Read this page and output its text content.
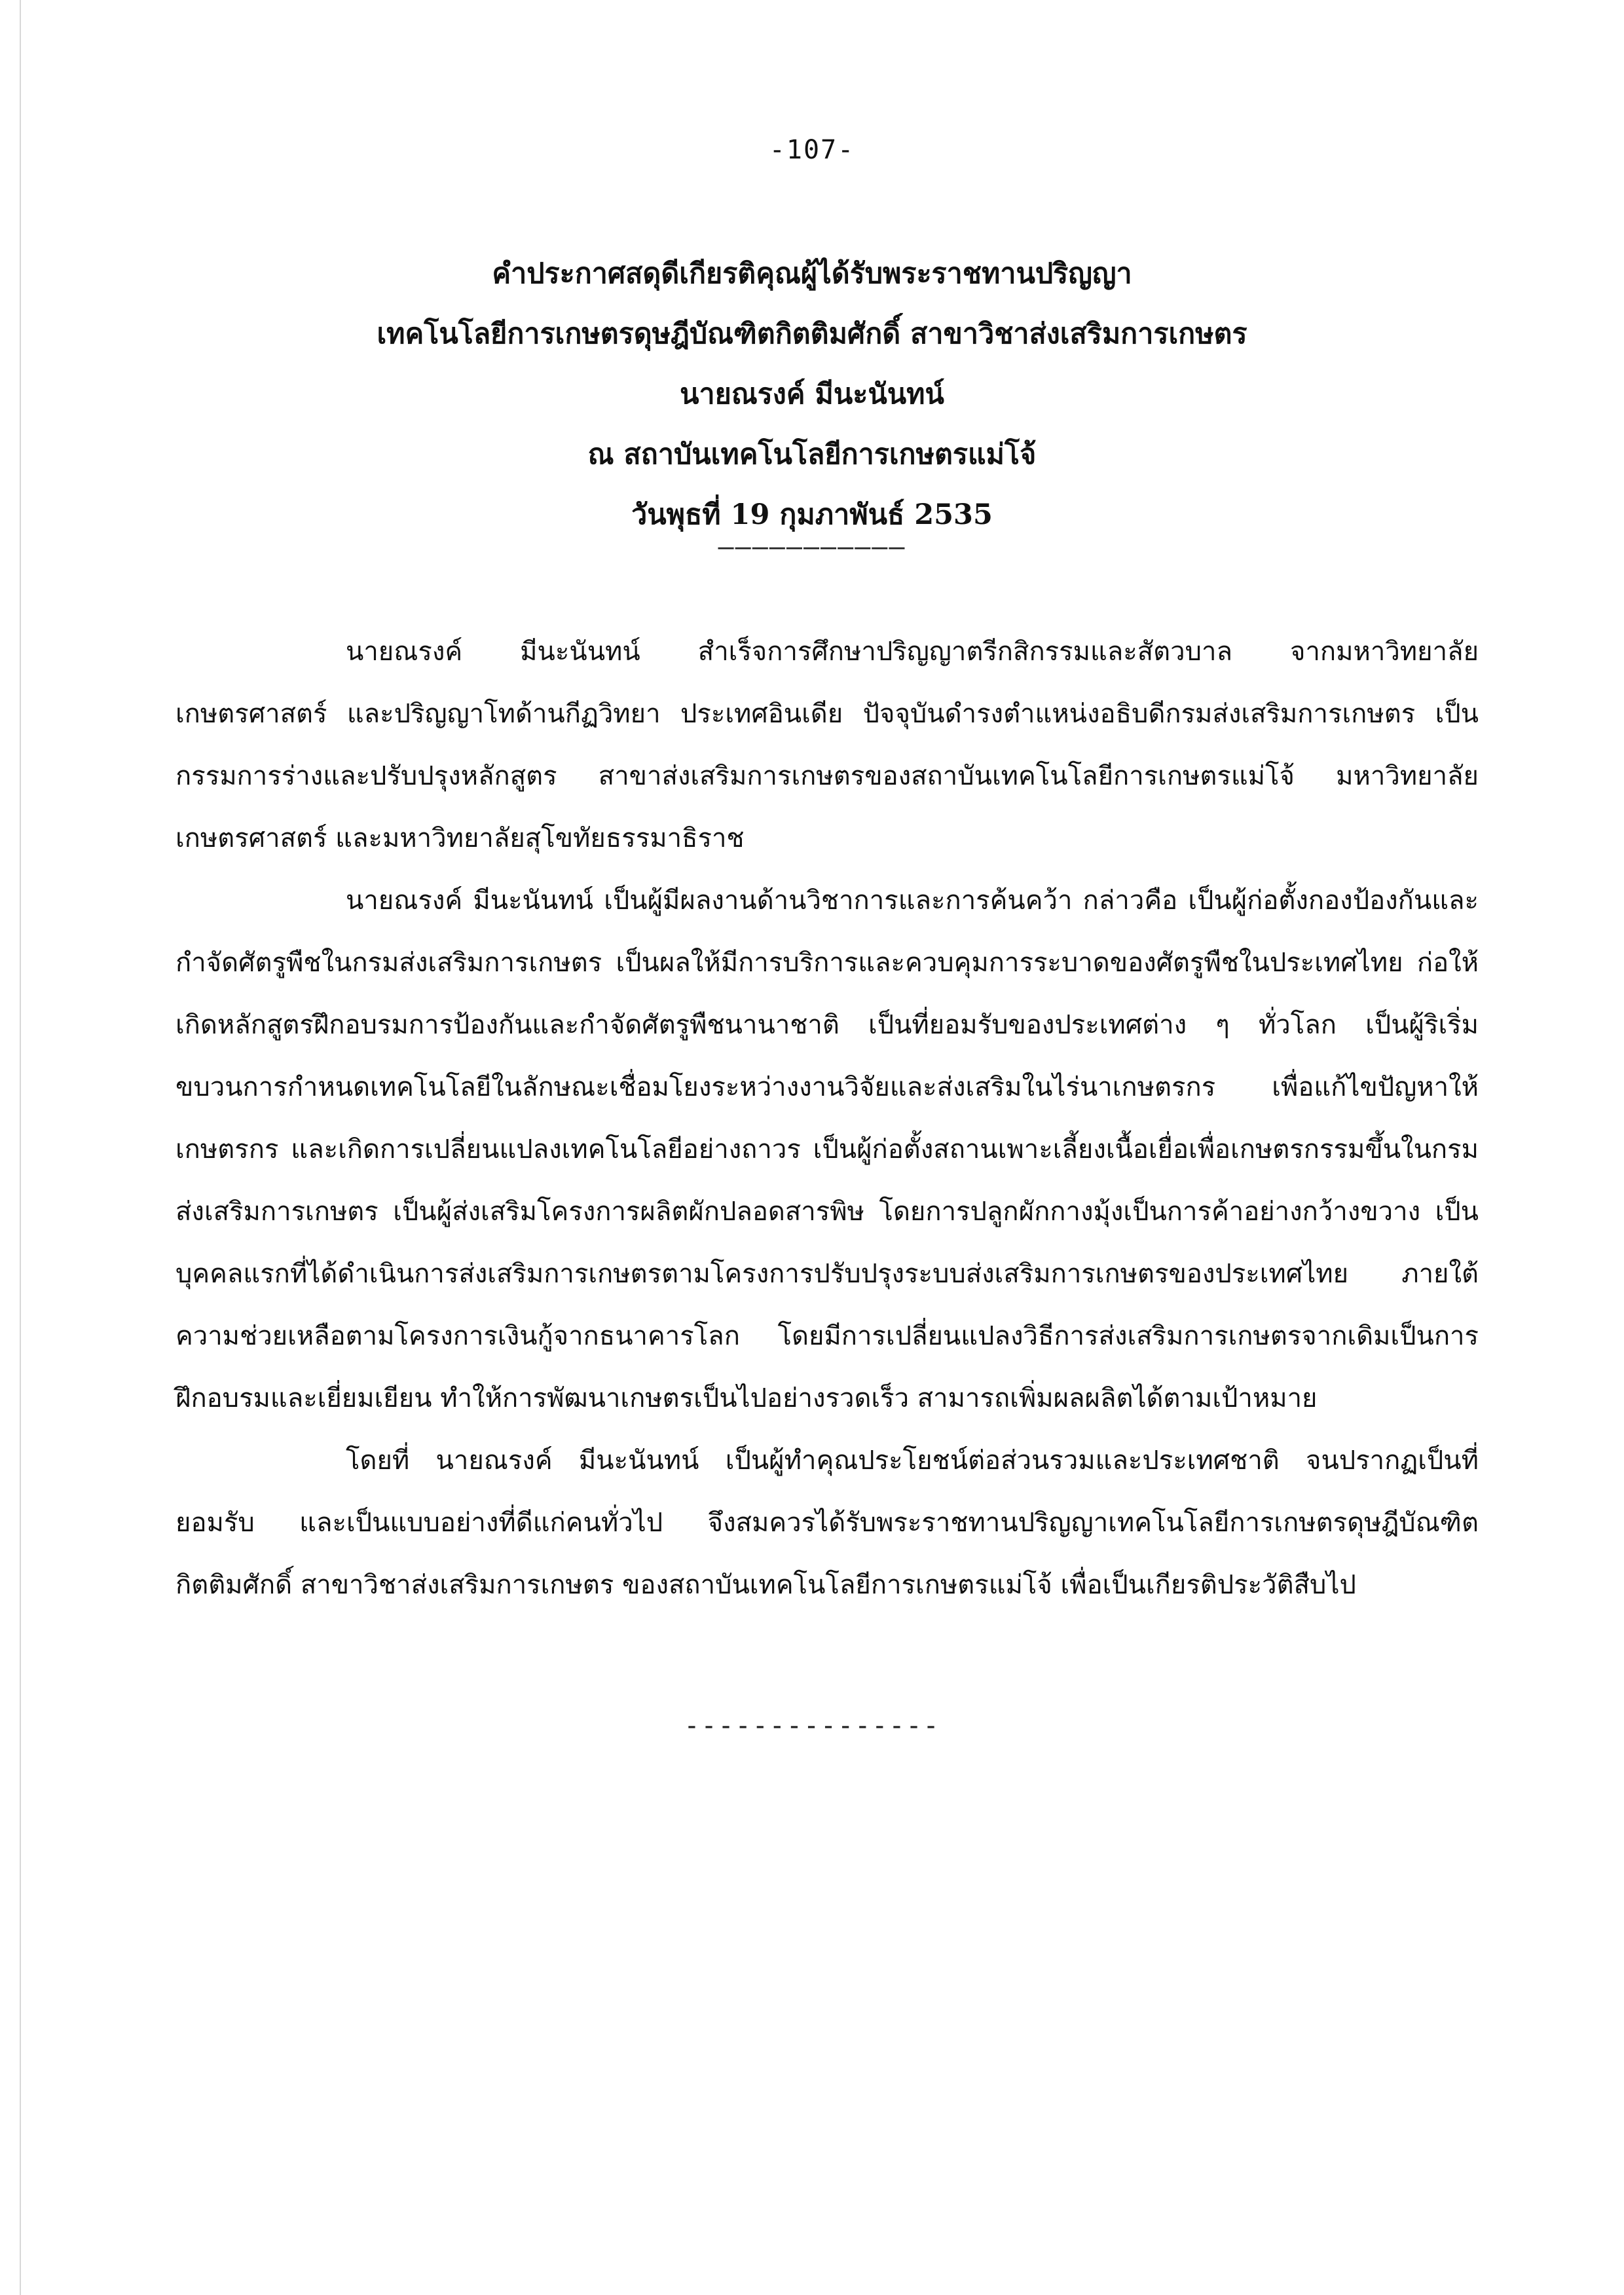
-107-
คำประกาศสดุดีเกียรติคุณผู้ได้รับพระราชทานปริญญา
เทคโนโลยีการเกษตรดุษฎีบัณฑิตกิตติมศักดิ์ สาขาวิชาส่งเสริมการเกษตร
นายณรงค์ มีนะนันทน์
ณ สถาบันเทคโนโลยีการเกษตรแม่โจ้
วันพุธที่ 19 กุมภาพันธ์ 2535
———————————

นายณรงค์ มีนะนันทน์ สำเร็จการศึกษาปริญญาตรีกสิกรรมและสัตวบาล จากมหาวิทยาลัยเกษตรศาสตร์ และปริญญาโทด้านกีฏวิทยา ประเทศอินเดีย ปัจจุบันดำรงตำแหน่งอธิบดีกรมส่งเสริมการเกษตร เป็นกรรมการร่างและปรับปรุงหลักสูตร สาขาส่งเสริมการเกษตรของสถาบันเทคโนโลยีการเกษตรแม่โจ้ มหาวิทยาลัยเกษตรศาสตร์ และมหาวิทยาลัยสุโขทัยธรรมาธิราช

นายณรงค์ มีนะนันทน์ เป็นผู้มีผลงานด้านวิชาการและการค้นคว้า กล่าวคือ เป็นผู้ก่อตั้งกองป้องกันและกำจัดศัตรูพืชในกรมส่งเสริมการเกษตร เป็นผลให้มีการบริการและควบคุมการระบาดของศัตรูพืชในประเทศไทย ก่อให้เกิดหลักสูตรฝึกอบรมการป้องกันและกำจัดศัตรูพืชนานาชาติ เป็นที่ยอมรับของประเทศต่าง ๆ ทั่วโลก เป็นผู้ริเริ่มขบวนการกำหนดเทคโนโลยีในลักษณะเชื่อมโยงระหว่างงานวิจัยและส่งเสริมในไร่นาเกษตรกร เพื่อแก้ไขปัญหาให้เกษตรกร และเกิดการเปลี่ยนแปลงเทคโนโลยีอย่างถาวร เป็นผู้ก่อตั้งสถานเพาะเลี้ยงเนื้อเยื่อเพื่อเกษตรกรรมขึ้นในกรมส่งเสริมการเกษตร เป็นผู้ส่งเสริมโครงการผลิตผักปลอดสารพิษ โดยการปลูกผักกางมุ้งเป็นการค้าอย่างกว้างขวาง เป็นบุคคลแรกที่ได้ดำเนินการส่งเสริมการเกษตรตามโครงการปรับปรุงระบบส่งเสริมการเกษตรของประเทศไทย ภายใต้ความช่วยเหลือตามโครงการเงินกู้จากธนาคารโลก โดยมีการเปลี่ยนแปลงวิธีการส่งเสริมการเกษตรจากเดิมเป็นการฝึกอบรมและเยี่ยมเยียน ทำให้การพัฒนาเกษตรเป็นไปอย่างรวดเร็ว สามารถเพิ่มผลผลิตได้ตามเป้าหมาย

โดยที่ นายณรงค์ มีนะนันทน์ เป็นผู้ทำคุณประโยชน์ต่อส่วนรวมและประเทศชาติ จนปรากฏเป็นที่ยอมรับ และเป็นแบบอย่างที่ดีแก่คนทั่วไป จึงสมควรได้รับพระราชทานปริญญาเทคโนโลยีการเกษตรดุษฎีบัณฑิตกิตติมศักดิ์ สาขาวิชาส่งเสริมการเกษตร ของสถาบันเทคโนโลยีการเกษตรแม่โจ้ เพื่อเป็นเกียรติประวัติสืบไป

---------------
